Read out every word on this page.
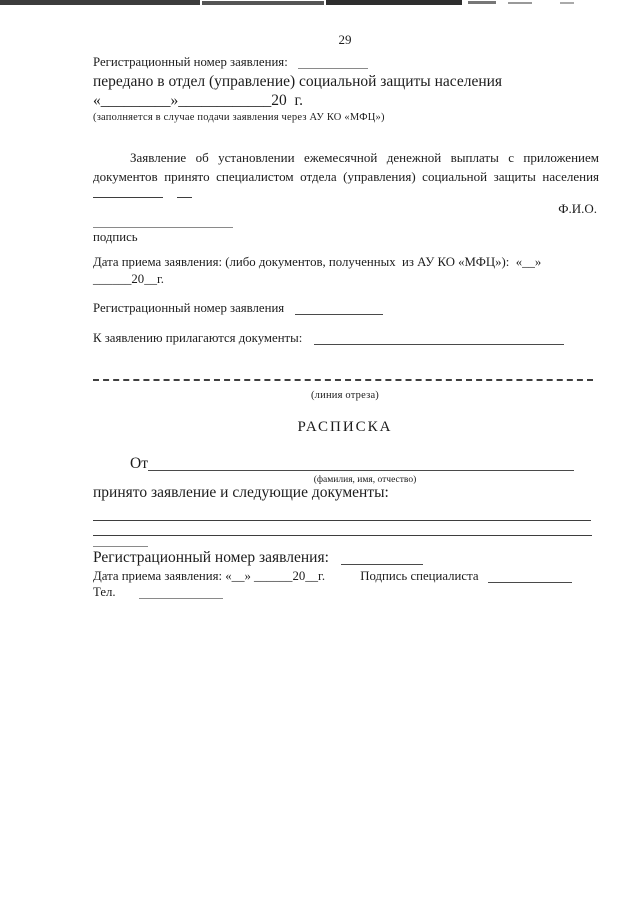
29
Регистрационный номер заявления:
передано в отдел (управление) социальной защиты населения
«_________»____________20  г.
(заполняется в случае подачи заявления через АУ КО «МФЦ»)
Заявление об установлении ежемесячной денежной выплаты с приложением документов принято специалистом отдела (управления) социальной защиты населения
Ф.И.О.
подпись
Дата приема заявления: (либо документов, полученных  из АУ КО «МФЦ»):  «__»
______20__г.
Регистрационный номер заявления
К заявлению прилагаются документы:
(линия отреза)
РАСПИСКА
От
(фамилия, имя, отчество)
принято заявление и следующие документы:
Регистрационный номер заявления:
Дата приема заявления: «__» ______20__г.	Подпись специалиста
Тел.
